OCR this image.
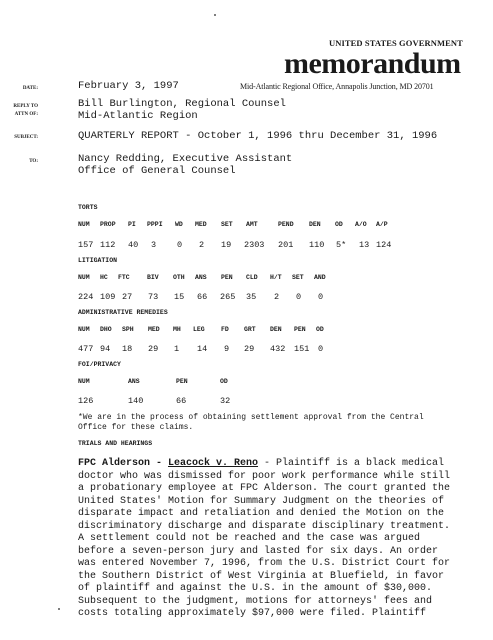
UNITED STATES GOVERNMENT
memorandum
Mid-Atlantic Regional Office, Annapolis Junction, MD 20701
DATE:	February 3, 1997
REPLY TO
ATTN OF:
Bill Burlington, Regional Counsel
Mid-Atlantic Region
SUBJECT:	QUARTERLY REPORT - October 1, 1996 thru December 31, 1996
TO:	Nancy Redding, Executive Assistant
Office of General Counsel
TORTS
NUM PROP PI PPPI WD MED SET AMT	PEND DEN OD A/O A/P
157 112 40 3 0 2 19 2303 201 110 5* 13 124
LITIGATION
NUM HC FTC	BIV OTH ANS PEN CLD H/T SET AND
224 109 27 73 15 66 265 35 2 0 0
ADMINISTRATIVE REMEDIES
NUM DHO SPH MED MH LEG	FD GRT DEN PEN OD
477 94 18 29 1 14 9 29 432 151 0
FOI/PRIVACY
NUM	ANS	PEN	OD
126	140	66	32
*We are in the process of obtaining settlement approval from the Central
Office for these claims.
TRIALS AND HEARINGS
FPC Alderson - Leacock v. Reno - Plaintiff is a black medical
doctor who was dismissed for poor work performance while still
a probationary employee at FPC Alderson. The court granted the
United States' Motion for Summary Judgment on the theories of
disparate impact and retaliation and denied the Motion on the
discriminatory discharge and disparate disciplinary treatment.
A settlement could not be reached and the case was argued
before a seven-person jury and lasted for six days. An order
was entered November 7, 1996, from the U.S. District Court for
the Southern District of West Virginia at Bluefield, in favor
of plaintiff and against the U.S. in the amount of $30,000.
Subsequent to the judgment, motions for attorneys' fees and
costs totaling approximately $97,000 were filed. Plaintiff
